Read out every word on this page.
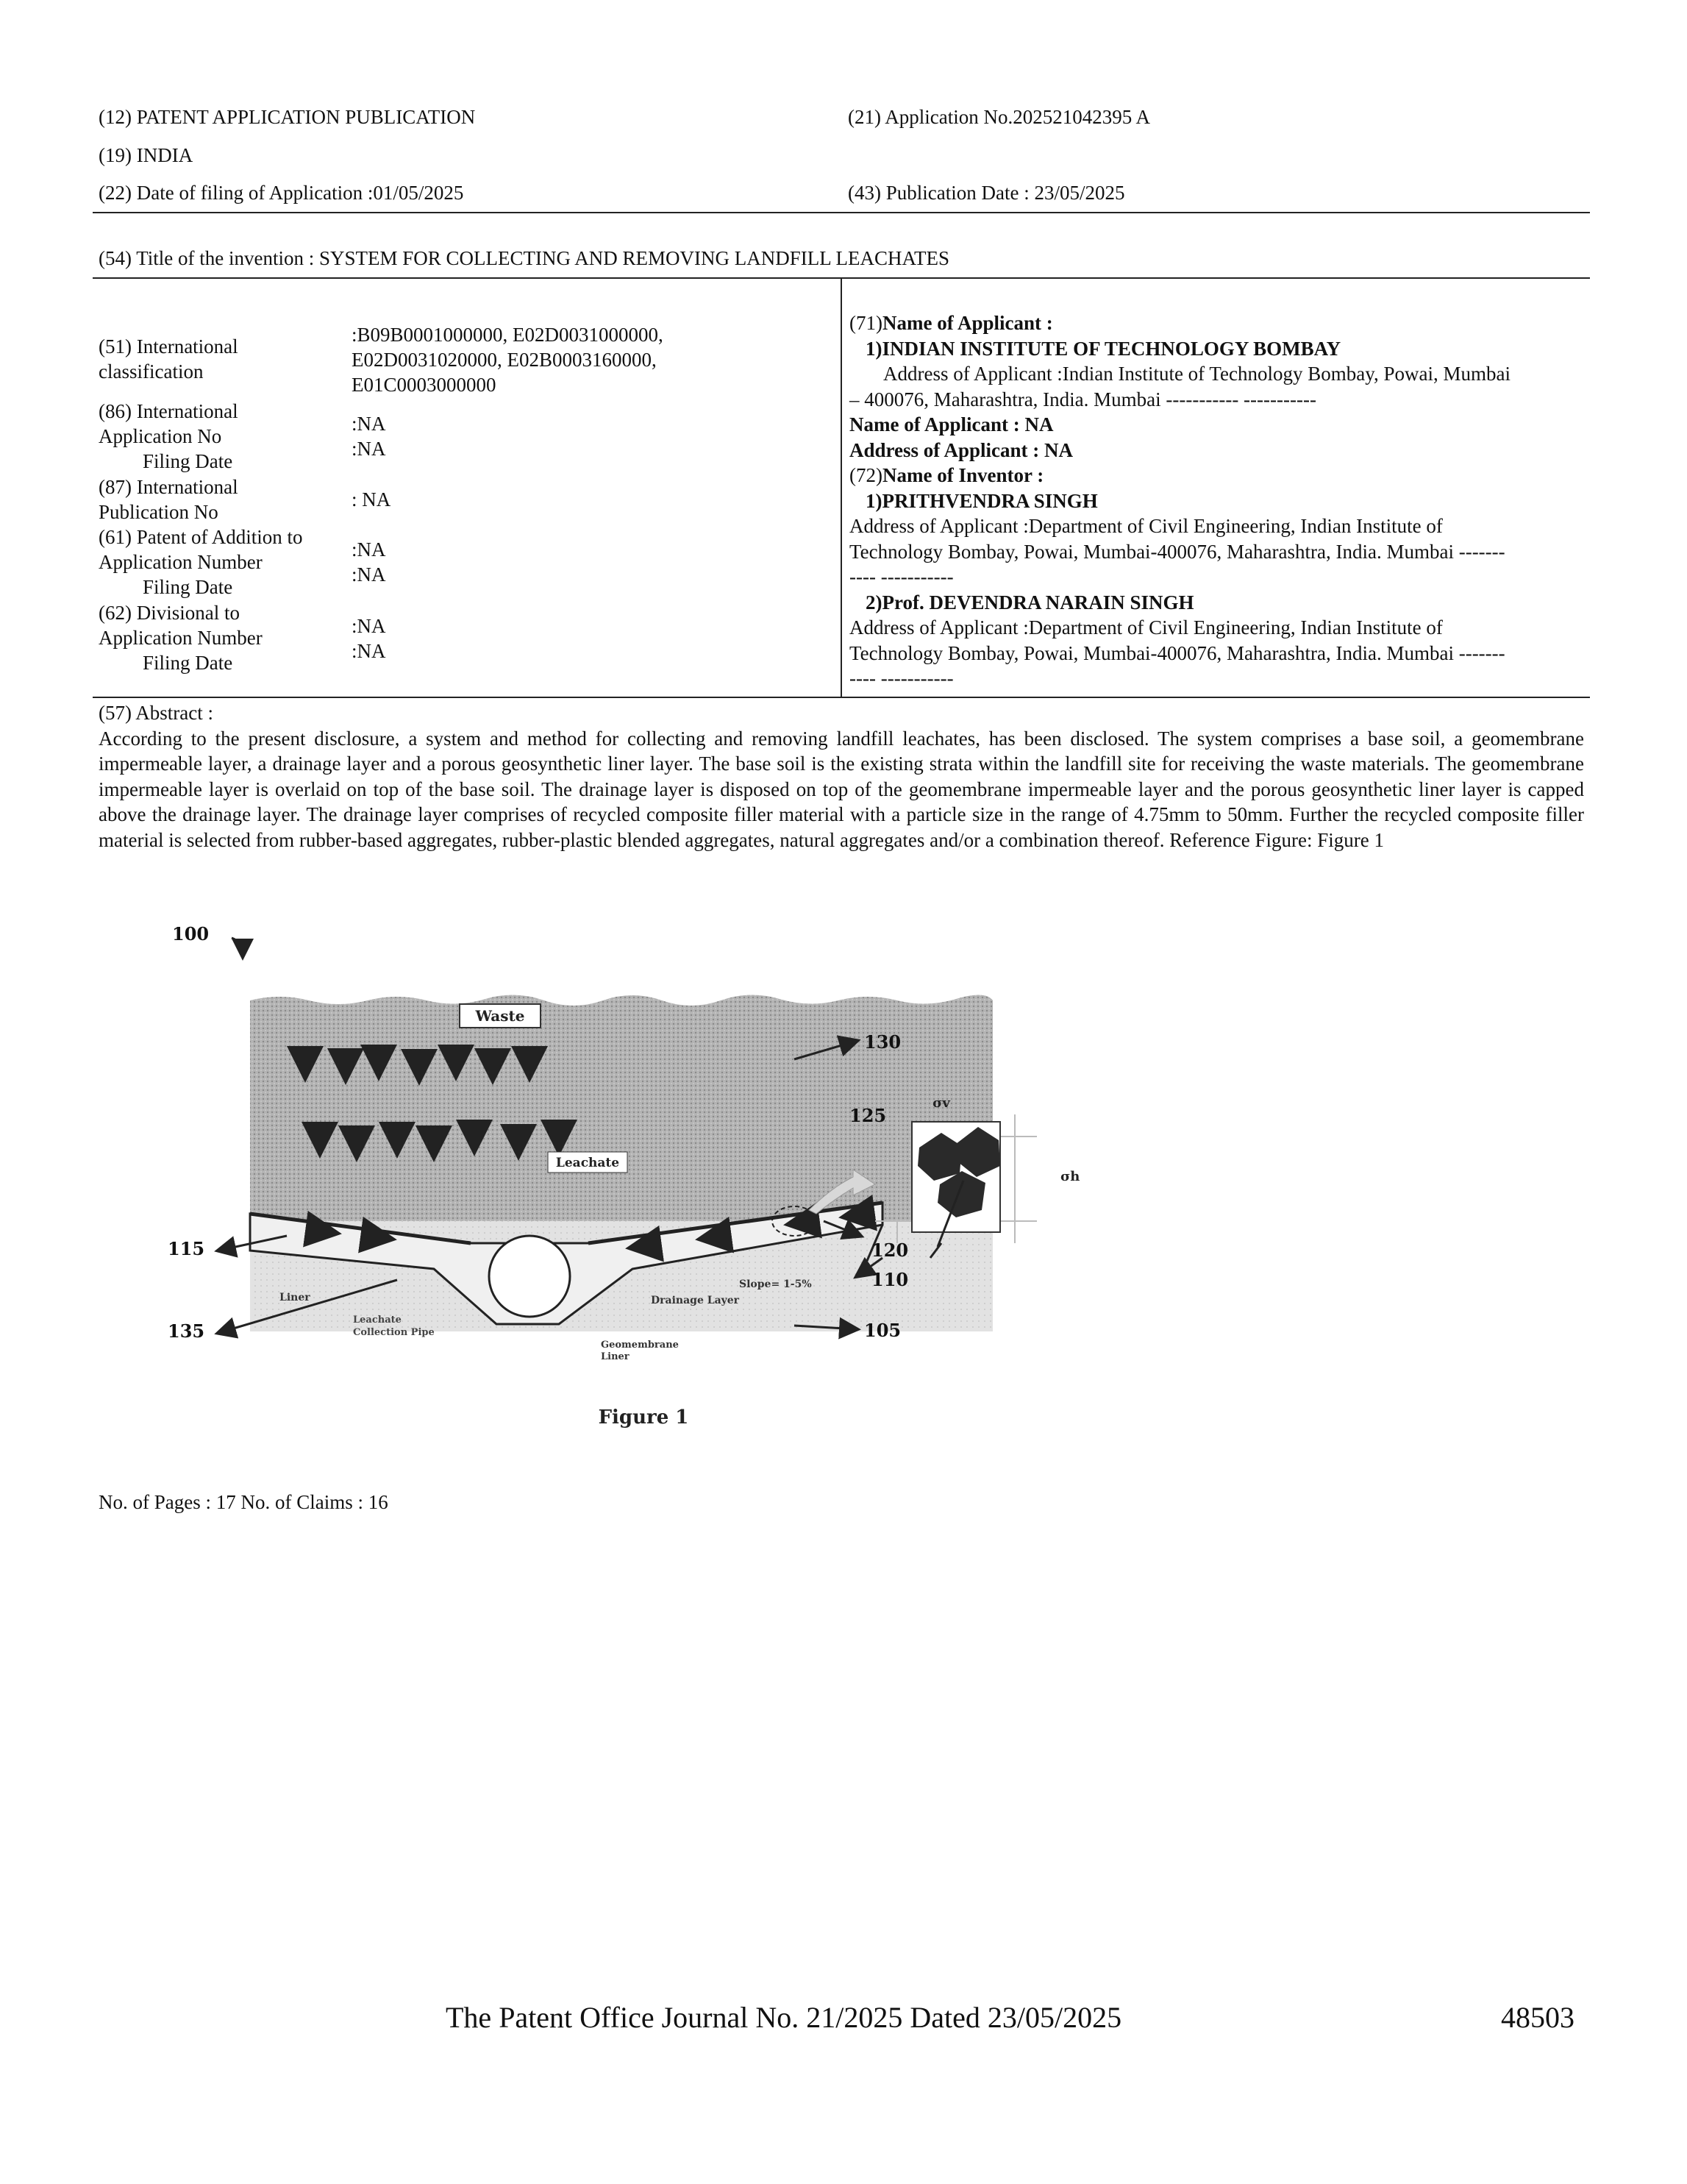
(12) PATENT APPLICATION PUBLICATION	(21) Application No.202521042395 A
(19) INDIA
(22) Date of filing of Application :01/05/2025	(43) Publication Date : 23/05/2025
(54) Title of the invention : SYSTEM FOR COLLECTING AND REMOVING LANDFILL LEACHATES
(51) International
classification
:B09B0001000000, E02D0031000000,
E02D0031020000, E02B0003160000,
E01C0003000000
(86) International
Application No
Filing Date
:NA
:NA
(87) International
Publication No
: NA
(61) Patent of Addition to
Application Number
Filing Date
:NA
:NA
(62) Divisional to
Application Number
Filing Date
:NA
:NA
(71)Name of Applicant :
1)INDIAN INSTITUTE OF TECHNOLOGY BOMBAY
Address of Applicant :Indian Institute of Technology Bombay, Powai, Mumbai
– 400076, Maharashtra, India. Mumbai ----------- -----------
Name of Applicant : NA
Address of Applicant : NA
(72)Name of Inventor :
1)PRITHVENDRA SINGH
Address of Applicant :Department of Civil Engineering, Indian Institute of
Technology Bombay, Powai, Mumbai-400076, Maharashtra, India. Mumbai -------
---- -----------
2)Prof. DEVENDRA NARAIN SINGH
Address of Applicant :Department of Civil Engineering, Indian Institute of
Technology Bombay, Powai, Mumbai-400076, Maharashtra, India. Mumbai -------
---- -----------
(57) Abstract :
According to the present disclosure, a system and method for collecting and removing landfill leachates, has been disclosed. The system comprises a base soil, a geomembrane impermeable layer, a drainage layer and a porous geosynthetic liner layer. The base soil is the existing strata within the landfill site for receiving the waste materials. The geomembrane impermeable layer is overlaid on top of the base soil. The drainage layer is disposed on top of the geomembrane impermeable layer and the porous geosynthetic liner layer is capped above the drainage layer. The drainage layer comprises of recycled composite filler material with a particle size in the range of 4.75mm to 50mm. Further the recycled composite filler material is selected from rubber-based aggregates, rubber-plastic blended aggregates, natural aggregates and/or a combination thereof. Reference Figure: Figure 1
Waste
Leachate
σv
σh
100
130
125
115	120
110
135	105
Liner
Leachate
Collection Pipe
Drainage Layer
Slope= 1-5%
Geomembrane
Liner
Figure 1
No. of Pages : 17 No. of Claims : 16
The Patent Office Journal No. 21/2025 Dated 23/05/2025	48503
